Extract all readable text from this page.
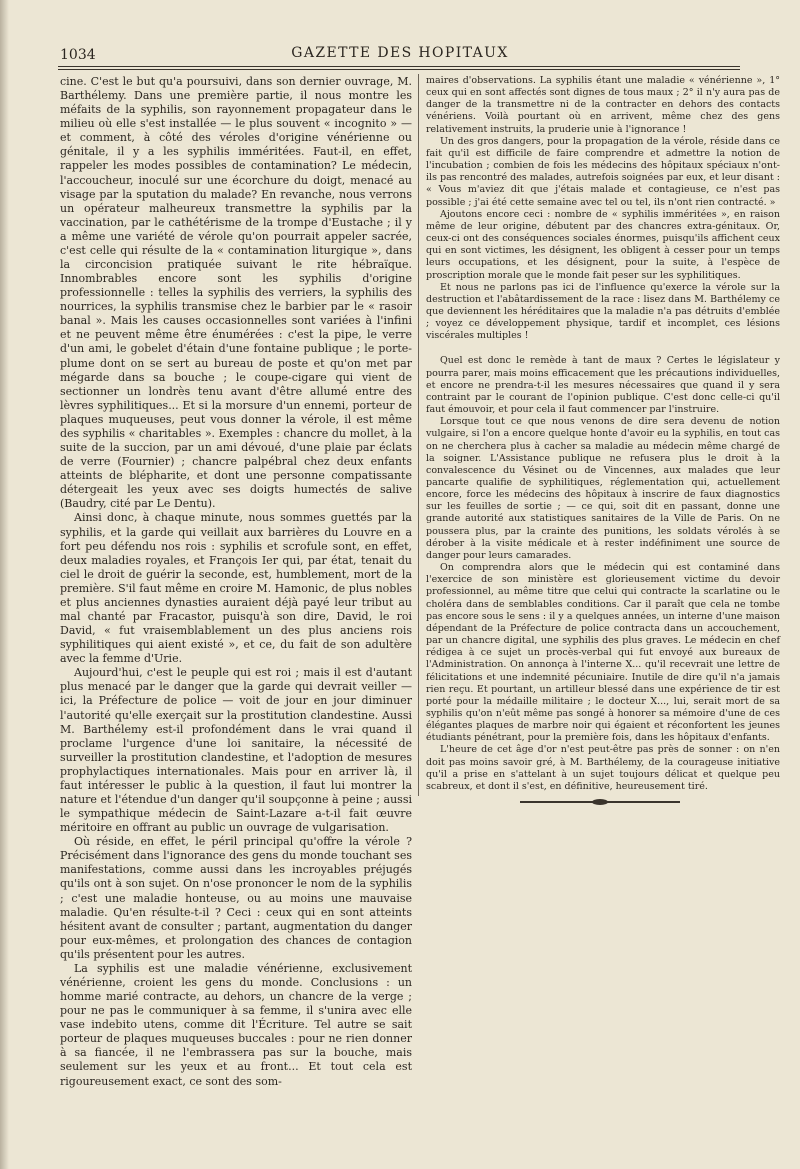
1034	GAZETTE DES HOPITAUX

cine. C'est le but qu'a poursuivi, dans son dernier ouvrage, M. Barthélemy. Dans une première partie, il nous montre les méfaits de la syphilis, son rayonnement propagateur dans le milieu où elle s'est installée — le plus souvent « incognito » — et comment, à côté des véroles d'origine vénérienne ou génitale, il y a les syphilis imméritées. Faut-il, en effet, rappeler les modes possibles de contamination? Le médecin, l'accoucheur, inoculé sur une écorchure du doigt, menacé au visage par la sputation du malade? En revanche, nous verrons un opérateur malheureux transmettre la syphilis par la vaccination, par le cathétérisme de la trompe d'Eustache ; il y a même une variété de vérole qu'on pourrait appeler sacrée, c'est celle qui résulte de la « contamination liturgique », dans la circoncision pratiquée suivant le rite hébraïque. Innombrables encore sont les syphilis d'origine professionnelle : telles la syphilis des verriers, la syphilis des nourrices, la syphilis transmise chez le barbier par le « rasoir banal ». Mais les causes occasionnelles sont variées à l'infini et ne peuvent même être énumérées : c'est la pipe, le verre d'un ami, le gobelet d'étain d'une fontaine publique ; le porte-plume dont on se sert au bureau de poste et qu'on met par mégarde dans sa bouche ; le coupe-cigare qui vient de sectionner un londrès tenu avant d'être allumé entre des lèvres syphilitiques... Et si la morsure d'un ennemi, porteur de plaques muqueuses, peut vous donner la vérole, il est même des syphilis « charitables ». Exemples : chancre du mollet, à la suite de la succion, par un ami dévoué, d'une plaie par éclats de verre (Fournier) ; chancre palpébral chez deux enfants atteints de blépharite, et dont une personne compatissante détergeait les yeux avec ses doigts humectés de salive (Baudry, cité par Le Dentu).

Ainsi donc, à chaque minute, nous sommes guettés par la syphilis, et la garde qui veillait aux barrières du Louvre en a fort peu défendu nos rois : syphilis et scrofule sont, en effet, deux maladies royales, et François Ier qui, par état, tenait du ciel le droit de guérir la seconde, est, humblement, mort de la première. S'il faut même en croire M. Hamonic, de plus nobles et plus anciennes dynasties auraient déjà payé leur tribut au mal chanté par Fracastor, puisqu'à son dire, David, le roi David, « fut vraisemblablement un des plus anciens rois syphilitiques qui aient existé », et ce, du fait de son adultère avec la femme d'Urie.

Aujourd'hui, c'est le peuple qui est roi ; mais il est d'autant plus menacé par le danger que la garde qui devrait veiller — ici, la Préfecture de police — voit de jour en jour diminuer l'autorité qu'elle exerçait sur la prostitution clandestine. Aussi M. Barthélemy est-il profondément dans le vrai quand il proclame l'urgence d'une loi sanitaire, la nécessité de surveiller la prostitution clandestine, et l'adoption de mesures prophylactiques internationales. Mais pour en arriver là, il faut intéresser le public à la question, il faut lui montrer la nature et l'étendue d'un danger qu'il soupçonne à peine ; aussi le sympathique médecin de Saint-Lazare a-t-il fait œuvre méritoire en offrant au public un ouvrage de vulgarisation.

Où réside, en effet, le péril principal qu'offre la vérole ? Précisément dans l'ignorance des gens du monde touchant ses manifestations, comme aussi dans les incroyables préjugés qu'ils ont à son sujet. On n'ose prononcer le nom de la syphilis ; c'est une maladie honteuse, ou au moins une mauvaise maladie. Qu'en résulte-t-il ? Ceci : ceux qui en sont atteints hésitent avant de consulter ; partant, augmentation du danger pour eux-mêmes, et prolongation des chances de contagion qu'ils présentent pour les autres.

La syphilis est une maladie vénérienne, exclusivement vénérienne, croient les gens du monde. Conclusions : un homme marié contracte, au dehors, un chancre de la verge ; pour ne pas le communiquer à sa femme, il s'unira avec elle vase indebito utens, comme dit l'Écriture. Tel autre se sait porteur de plaques muqueuses buccales : pour ne rien donner à sa fiancée, il ne l'embrassera pas sur la bouche, mais seulement sur les yeux et au front... Et tout cela est rigoureusement exact, ce sont des som-

maires d'observations. La syphilis étant une maladie « vénérienne », 1° ceux qui en sont affectés sont dignes de tous maux ; 2° il n'y aura pas de danger de la transmettre ni de la contracter en dehors des contacts vénériens. Voilà pourtant où en arrivent, même chez des gens relativement instruits, la pruderie unie à l'ignorance !

Un des gros dangers, pour la propagation de la vérole, réside dans ce fait qu'il est difficile de faire comprendre et admettre la notion de l'incubation ; combien de fois les médecins des hôpitaux spéciaux n'ont-ils pas rencontré des malades, autrefois soignées par eux, et leur disant : « Vous m'aviez dit que j'étais malade et contagieuse, ce n'est pas possible ; j'ai été cette semaine avec tel ou tel, ils n'ont rien contracté. »

Ajoutons encore ceci : nombre de « syphilis imméritées », en raison même de leur origine, débutent par des chancres extra-génitaux. Or, ceux-ci ont des conséquences sociales énormes, puisqu'ils affichent ceux qui en sont victimes, les désignent, les obligent à cesser pour un temps leurs occupations, et les désignent, pour la suite, à l'espèce de proscription morale que le monde fait peser sur les syphilitiques.

Et nous ne parlons pas ici de l'influence qu'exerce la vérole sur la destruction et l'abâtardissement de la race : lisez dans M. Barthélemy ce que deviennent les héréditaires que la maladie n'a pas détruits d'emblée ; voyez ce développement physique, tardif et incomplet, ces lésions viscérales multiples !

Quel est donc le remède à tant de maux ? Certes le législateur y pourra parer, mais moins efficacement que les précautions individuelles, et encore ne prendra-t-il les mesures nécessaires que quand il y sera contraint par le courant de l'opinion publique. C'est donc celle-ci qu'il faut émouvoir, et pour cela il faut commencer par l'instruire.

Lorsque tout ce que nous venons de dire sera devenu de notion vulgaire, si l'on a encore quelque honte d'avoir eu la syphilis, en tout cas on ne cherchera plus à cacher sa maladie au médecin même chargé de la soigner. L'Assistance publique ne refusera plus le droit à la convalescence du Vésinet ou de Vincennes, aux malades que leur pancarte qualifie de syphilitiques, réglementation qui, actuellement encore, force les médecins des hôpitaux à inscrire de faux diagnostics sur les feuilles de sortie ; — ce qui, soit dit en passant, donne une grande autorité aux statistiques sanitaires de la Ville de Paris. On ne poussera plus, par la crainte des punitions, les soldats vérolés à se dérober à la visite médicale et à rester indéfiniment une source de danger pour leurs camarades.

On comprendra alors que le médecin qui est contaminé dans l'exercice de son ministère est glorieusement victime du devoir professionnel, au même titre que celui qui contracte la scarlatine ou le choléra dans de semblables conditions. Car il paraît que cela ne tombe pas encore sous le sens : il y a quelques années, un interne d'une maison dépendant de la Préfecture de police contracta dans un accouchement, par un chancre digital, une syphilis des plus graves. Le médecin en chef rédigea à ce sujet un procès-verbal qui fut envoyé aux bureaux de l'Administration. On annonça à l'interne X... qu'il recevrait une lettre de félicitations et une indemnité pécuniaire. Inutile de dire qu'il n'a jamais rien reçu. Et pourtant, un artilleur blessé dans une expérience de tir est porté pour la médaille militaire ; le docteur X..., lui, serait mort de sa syphilis qu'on n'eût même pas songé à honorer sa mémoire d'une de ces élégantes plaques de marbre noir qui égaient et réconfortent les jeunes étudiants pénétrant, pour la première fois, dans les hôpitaux d'enfants.

L'heure de cet âge d'or n'est peut-être pas près de sonner : on n'en doit pas moins savoir gré, à M. Barthélemy, de la courageuse initiative qu'il a prise en s'attelant à un sujet toujours délicat et quelque peu scabreux, et dont il s'est, en définitive, heureusement tiré.
